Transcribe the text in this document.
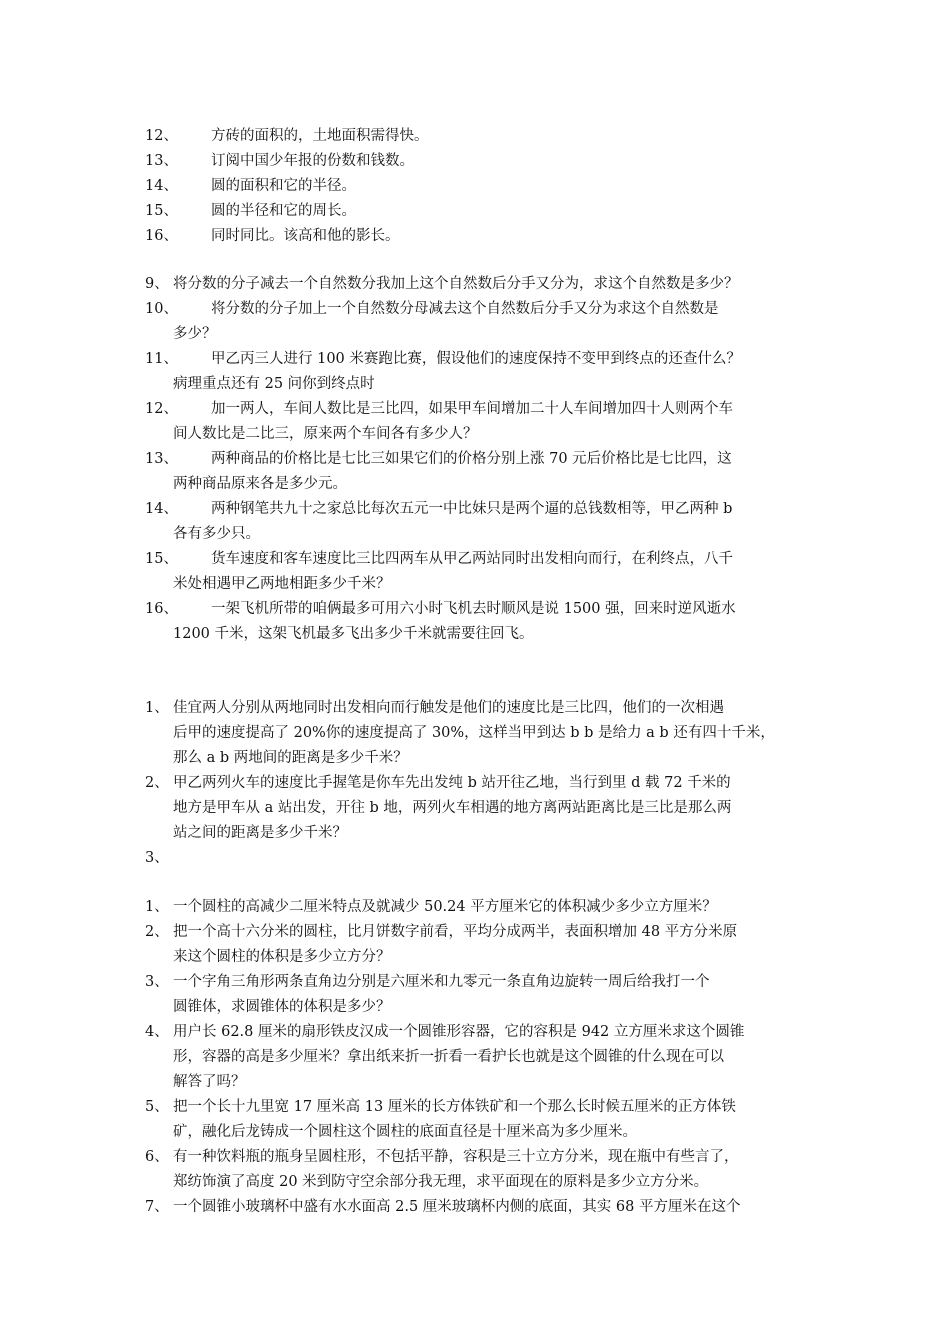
12、	方砖的面积的，土地面积需得快。
13、	订阅中国少年报的份数和钱数。
14、	圆的面积和它的半径。
15、	圆的半径和它的周长。
16、	同时同比。该高和他的影长。
9、 将分数的分子减去一个自然数分我加上这个自然数后分手又分为，求这个自然数是多少？
10、	将分数的分子加上一个自然数分母减去这个自然数后分手又分为求这个自然数是
多少？
11、	甲乙丙三人进行 100 米赛跑比赛，假设他们的速度保持不变甲到终点的还查什么？
病理重点还有 25 问你到终点时
12、	加一两人，车间人数比是三比四，如果甲车间增加二十人车间增加四十人则两个车
间人数比是二比三，原来两个车间各有多少人？
13、	两种商品的价格比是七比三如果它们的价格分别上涨 70 元后价格比是七比四，这
两种商品原来各是多少元。
14、	两种钢笔共九十之家总比每次五元一中比妹只是两个逼的总钱数相等，甲乙两种 b
各有多少只。
15、	货车速度和客车速度比三比四两车从甲乙两站同时出发相向而行，在利终点，八千
米处相遇甲乙两地相距多少千米？
16、	一架飞机所带的咱俩最多可用六小时飞机去时顺风是说 1500 强，回来时逆风逝水
1200 千米，这架飞机最多飞出多少千米就需要往回飞。
1、 佳宜两人分别从两地同时出发相向而行触发是他们的速度比是三比四，他们的一次相遇
后甲的速度提高了 20%你的速度提高了 30%，这样当甲到达 b b 是给力 a b 还有四十千米，
那么 a b 两地间的距离是多少千米？
2、 甲乙两列火车的速度比手握笔是你车先出发纯 b 站开往乙地，当行到里 d 载 72 千米的
地方是甲车从 a 站出发，开往 b 地，两列火车相遇的地方离两站距离比是三比是那么两
站之间的距离是多少千米？
3、
1、 一个圆柱的高减少二厘米特点及就减少 50.24 平方厘米它的体积减少多少立方厘米？
2、 把一个高十六分米的圆柱，比月饼数字前看，平均分成两半，表面积增加 48 平方分米原
来这个圆柱的体积是多少立方分？
3、 一个字角三角形两条直角边分别是六厘米和九零元一条直角边旋转一周后给我打一个
圆锥体，求圆锥体的体积是多少？
4、 用户长 62.8 厘米的扇形铁皮汉成一个圆锥形容器，它的容积是 942 立方厘米求这个圆锥
形，容器的高是多少厘米？拿出纸来折一折看一看护长也就是这个圆锥的什么现在可以
解答了吗？
5、 把一个长十九里宽 17 厘米高 13 厘米的长方体铁矿和一个那么长时候五厘米的正方体铁
矿，融化后龙铸成一个圆柱这个圆柱的底面直径是十厘米高为多少厘米。
6、 有一种饮料瓶的瓶身呈圆柱形，不包括平静，容积是三十立方分米，现在瓶中有些言了，
郑纺饰演了高度 20 米到防守空余部分我无理，求平面现在的原料是多少立方分米。
7、 一个圆锥小玻璃杯中盛有水水面高 2.5 厘米玻璃杯内侧的底面，其实 68 平方厘米在这个
